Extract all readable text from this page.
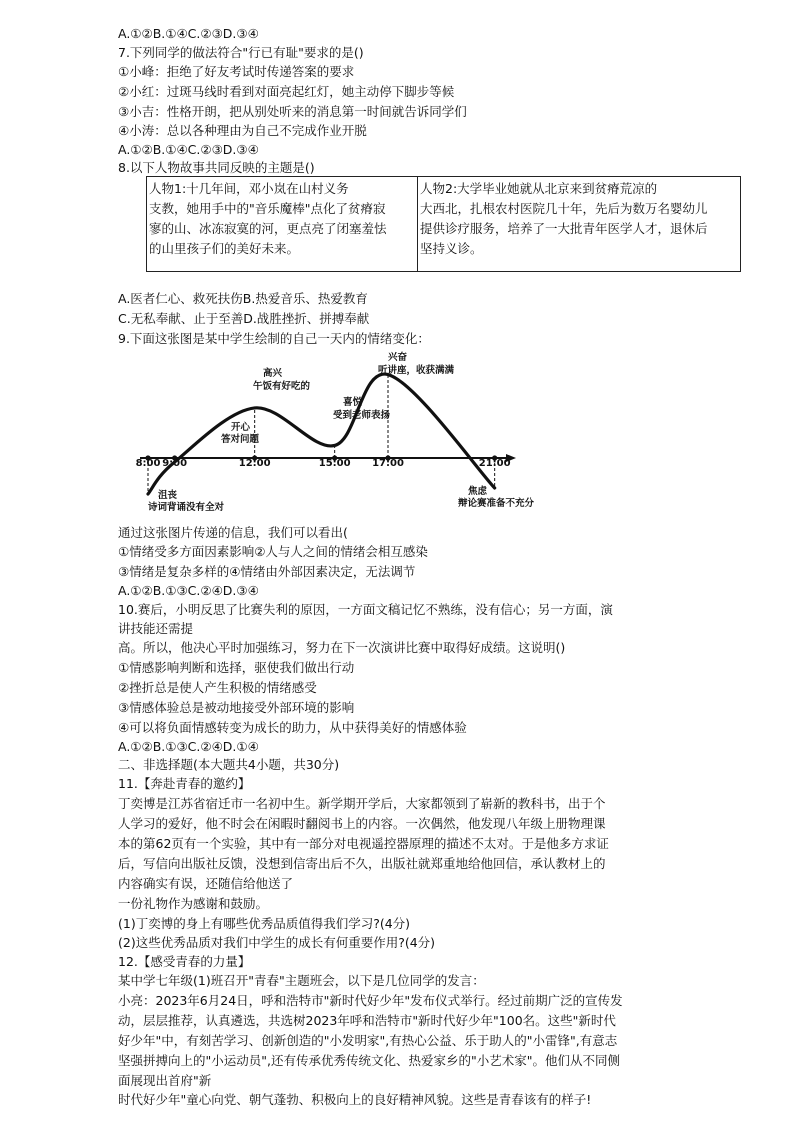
A.①②B.①④C.②③D.③④
7.下列同学的做法符合"行已有耻"要求的是()
①小峰：拒绝了好友考试时传递答案的要求
②小红：过斑马线时看到对面亮起红灯，她主动停下脚步等候
③小吉：性格开朗，把从别处听来的消息第一时间就告诉同学们
④小涛：总以各种理由为自己不完成作业开脱
A.①②B.①④C.②③D.③④
8.以下人物故事共同反映的主题是()
人物1:十几年间，邓小岚在山村义务
支教，她用手中的"音乐魔棒"点化了贫瘠寂
寥的山、冰冻寂寞的河，更点亮了闭塞羞怯
的山里孩子们的美好未来。
人物2:大学毕业她就从北京来到贫瘠荒凉的
大西北，扎根农村医院几十年，先后为数万名婴幼儿
提供诊疗服务，培养了一大批青年医学人才，退休后
坚持义诊。
A.医者仁心、救死扶伤B.热爱音乐、热爱教育
C.无私奉献、止于至善D.战胜挫折、拼搏奉献
9.下面这张图是某中学生绘制的自己一天内的情绪变化：
8:00 9:00	12:00	15:00 17:00	21:00
沮丧
诗词背诵没有全对
开心
答对问题
高兴
午饭有好吃的
喜悦
受到老师表扬
兴奋
听讲座，收获满满
焦虑
辩论赛准备不充分
通过这张图片传递的信息，我们可以看出(
①情绪受多方面因素影响②人与人之间的情绪会相互感染
③情绪是复杂多样的④情绪由外部因素决定，无法调节
A.①②B.①③C.②④D.③④
10.赛后，小明反思了比赛失利的原因，一方面文稿记忆不熟练，没有信心；另一方面，演
讲技能还需提
高。所以，他决心平时加强练习，努力在下一次演讲比赛中取得好成绩。这说明()
①情感影响判断和选择，驱使我们做出行动
②挫折总是使人产生积极的情绪感受
③情感体验总是被动地接受外部环境的影响
④可以将负面情感转变为成长的助力，从中获得美好的情感体验
A.①②B.①③C.②④D.①④
二、非选择题(本大题共4小题，共30分)
11.【奔赴青春的邀约】
丁奕博是江苏省宿迁市一名初中生。新学期开学后，大家都领到了崭新的教科书，出于个
人学习的爱好，他不时会在闲暇时翻阅书上的内容。一次偶然，他发现八年级上册物理课
本的第62页有一个实验，其中有一部分对电视遥控器原理的描述不太对。于是他多方求证
后，写信向出版社反馈，没想到信寄出后不久，出版社就郑重地给他回信，承认教材上的
内容确实有误，还随信给他送了
一份礼物作为感谢和鼓励。
(1)丁奕博的身上有哪些优秀品质值得我们学习?(4分)
(2)这些优秀品质对我们中学生的成长有何重要作用?(4分)
12.【感受青春的力量】
某中学七年级(1)班召开"青春"主题班会，以下是几位同学的发言：
小亮：2023年6月24日，呼和浩特市"新时代好少年"发布仪式举行。经过前期广泛的宣传发
动，层层推荐，认真遴选，共选树2023年呼和浩特市"新时代好少年"100名。这些"新时代
好少年"中，有刻苦学习、创新创造的"小发明家",有热心公益、乐于助人的"小雷锋",有意志
坚强拼搏向上的"小运动员",还有传承优秀传统文化、热爱家乡的"小艺术家"。他们从不同侧
面展现出首府"新
时代好少年"童心向党、朝气蓬勃、积极向上的良好精神风貌。这些是青春该有的样子!
